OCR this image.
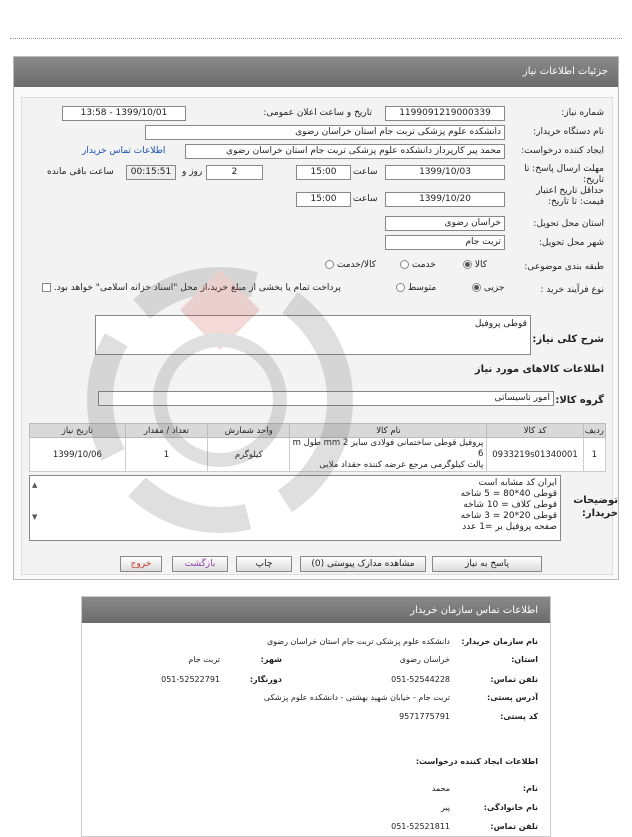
جزئیات اطلاعات نیاز
شماره نیاز:
1199091219000339
تاریخ و ساعت اعلان عمومی:
1399/10/01 - 13:58
نام دستگاه خریدار:
دانشکده علوم پزشکی تربت جام استان خراسان رضوی
ایجاد کننده درخواست:
محمد پیر کارپرداز دانشکده علوم پزشکی تربت جام استان خراسان رضوی
اطلاعات تماس خریدار
مهلت ارسال پاسخ: تا تاریخ:
1399/10/03
ساعت
15:00
2
روز و
00:15:51
ساعت باقی مانده
حداقل تاریخ اعتبار قیمت: تا تاریخ:
1399/10/20
ساعت
15:00
استان محل تحویل:
خراسان رضوی
شهر محل تحویل:
تربت جام
طبقه بندی موضوعی:
کالا
خدمت
کالا/خدمت
نوع فرآیند خرید :
جزیی
متوسط
پرداخت تمام یا بخشی از مبلغ خرید،از محل "اسناد خزانه اسلامی" خواهد بود.
شرح کلی نیاز:
قوطی پروفیل
اطلاعات کالاهای مورد نیاز
گروه کالا:
امور تاسیساتی
ردیف	کد کالا	نام کالا	واحد شمارش	تعداد / مقدار	تاریخ نیاز
1	0933219s01340001	پروفیل قوطی ساختمانی فولادی سایز mm 2 طول m 6
پالت کیلوگرمی مرجع عرضه کننده حقداد ملایی	کیلوگرم	1	1399/10/06
توضیحات خریدار:
ایران کد مشابه است
قوطی 40*80 = 5 شاخه
قوطی کلاف = 10 شاخه
قوطی 20*20 = 3 شاخه
صفحه پروفیل بر =1 عدد
▲
▼
پاسخ به نیاز
مشاهده مدارک پیوستی (0)
چاپ
بازگشت
خروج
اطلاعات تماس سازمان خریدار
نام سازمان خریدار:
دانشکده علوم پزشکی تربت جام استان خراسان رضوی
استان:
خراسان رضوی
شهر:
تربت جام
تلفن تماس:
051-52544228
دورنگار:
051-52522791
آدرس پستی:
تربت جام - خیابان شهید بهشتی - دانشکده علوم پزشکی
کد پستی:
9571775791
اطلاعات ایجاد کننده درخواست:
نام:
محمد
نام خانوادگی:
پیر
تلفن تماس:
051-52521811
